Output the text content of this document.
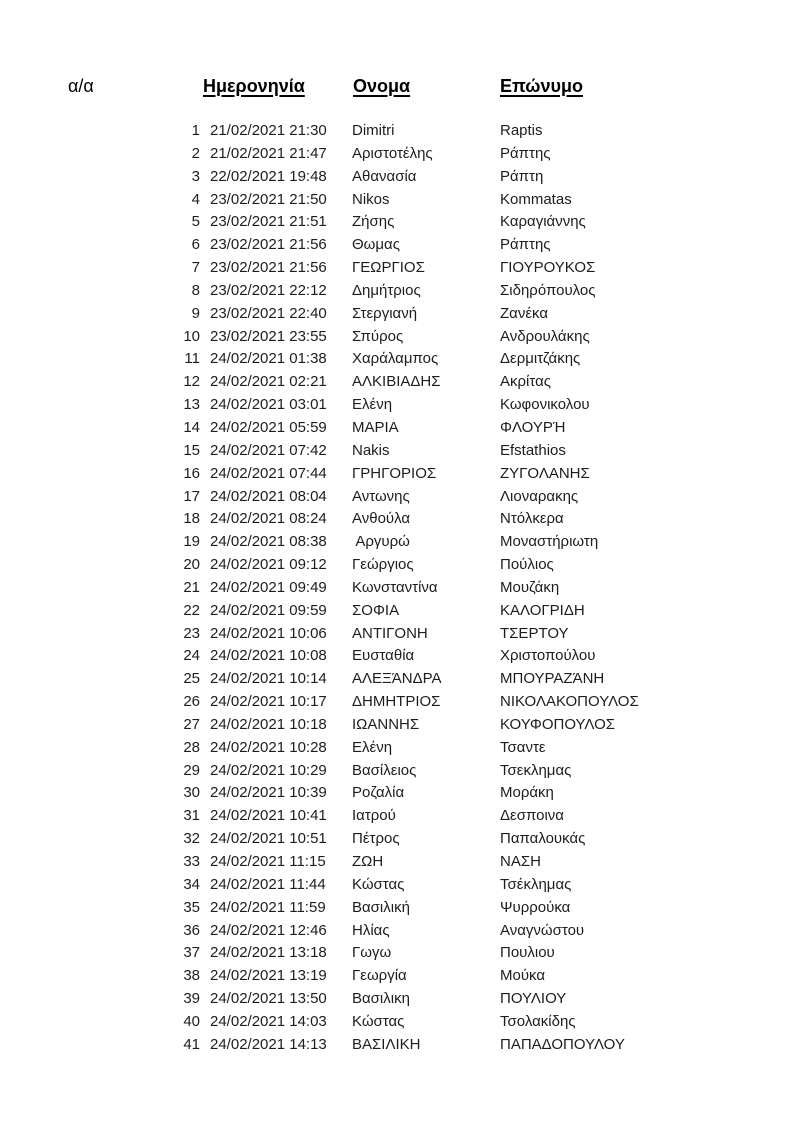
α/α	Ημερονηνία	Ονομα	Επώνυμο
1 21/02/2021 21:30	Dimitri	Raptis
2 21/02/2021 21:47	Αριστοτέλης	Ράπτης
3 22/02/2021 19:48	Αθανασία	Ράπτη
4 23/02/2021 21:50	Nikos	Kommatas
5 23/02/2021 21:51	Ζήσης	Καραγιάννης
6 23/02/2021 21:56	Θωμας	Ράπτης
7 23/02/2021 21:56	ΓΕΩΡΓΙΟΣ	ΓΙΟΥΡΟΥΚΟΣ
8 23/02/2021 22:12	Δημήτριος	Σιδηρόπουλος
9 23/02/2021 22:40	Στεργιανή	Ζανέκα
10 23/02/2021 23:55	Σπύρος	Ανδρουλάκης
11 24/02/2021 01:38	Χαράλαμπος	Δερμιτζάκης
12 24/02/2021 02:21	ΑΛΚΙΒΙΑΔΗΣ	Ακρίτας
13 24/02/2021 03:01	Ελένη	Κωφονικολου
14 24/02/2021 05:59	ΜΑΡΙΑ	ΦΛΟΥΡΉ
15 24/02/2021 07:42	Nakis	Efstathios
16 24/02/2021 07:44	ΓΡΗΓΟΡΙΟΣ	ΖΥΓΟΛΑΝΗΣ
17 24/02/2021 08:04	Αντωνης	Λιοναρακης
18 24/02/2021 08:24	Ανθούλα	Ντόλκερα
19 24/02/2021 08:38	Αργυρώ	Μοναστήριωτη
20 24/02/2021 09:12	Γεώργιος	Πούλιος
21 24/02/2021 09:49	Κωνσταντίνα	Μουζάκη
22 24/02/2021 09:59	ΣΟΦΙΑ	ΚΑΛΟΓΡΙΔΗ
23 24/02/2021 10:06	ΑΝΤΙΓΟΝΗ	ΤΣΕΡΤΟΥ
24 24/02/2021 10:08	Ευσταθία	Χριστοπούλου
25 24/02/2021 10:14	ΑΛΕΞΆΝΔΡΑ	ΜΠΟΥΡΑΖΆΝΗ
26 24/02/2021 10:17	ΔΗΜΗΤΡΙΟΣ	ΝΙΚΟΛΑΚΟΠΟΥΛΟΣ
27 24/02/2021 10:18	ΙΩΑΝΝΗΣ	ΚΟΥΦΟΠΟΥΛΟΣ
28 24/02/2021 10:28	Ελένη	Τσαντε
29 24/02/2021 10:29	Βασίλειος	Τσεκλημας
30 24/02/2021 10:39	Ροζαλία	Μοράκη
31 24/02/2021 10:41	Ιατρού	Δεσποινα
32 24/02/2021 10:51	Πέτρος	Παπαλουκάς
33 24/02/2021 11:15	ΖΩΗ	ΝΑΣΗ
34 24/02/2021 11:44	Κώστας	Τσέκλημας
35 24/02/2021 11:59	Βασιλική	Ψυρρούκα
36 24/02/2021 12:46	Ηλίας	Αναγνώστου
37 24/02/2021 13:18	Γωγω	Πουλιου
38 24/02/2021 13:19	Γεωργία	Μούκα
39 24/02/2021 13:50	Βασιλικη	ΠΟΥΛΙΟΥ
40 24/02/2021 14:03	Κώστας	Τσολακίδης
41 24/02/2021 14:13	ΒΑΣΙΛΙΚΗ	ΠΑΠΑΔΟΠΟΥΛΟΥ
